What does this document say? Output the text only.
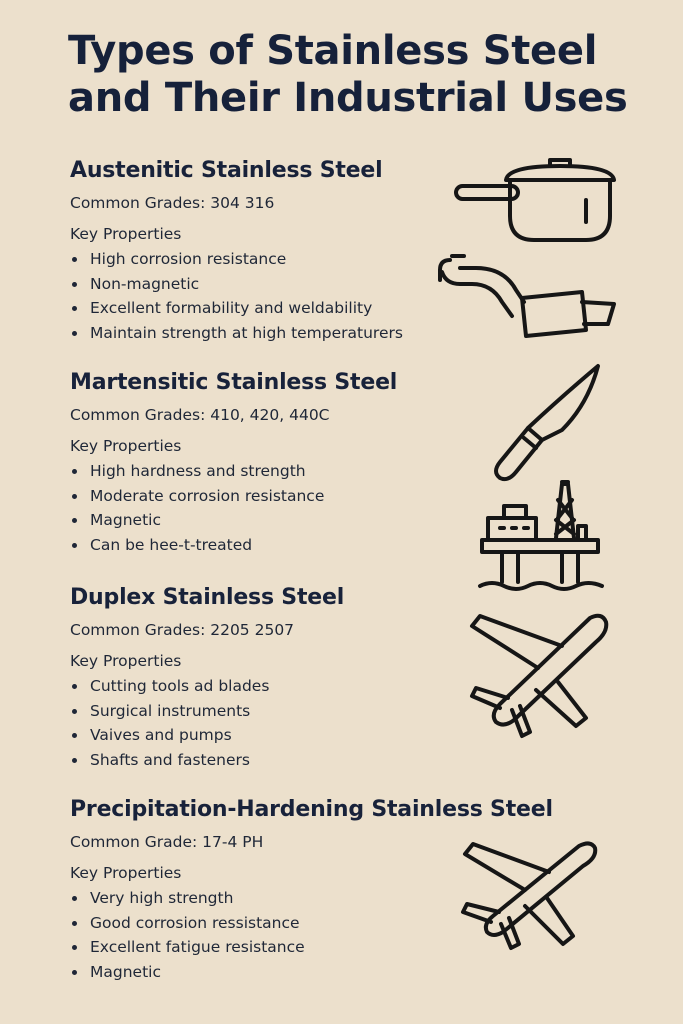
Types of Stainless Steel
and Their Industrial Uses
Austenitic Stainless Steel
Common Grades: 304 316
Key Properties
High corrosion resistance
Non-magnetic
Excellent formability and weldability
Maintain strength at high temperaturers
Martensitic Stainless Steel
Common Grades: 410, 420, 440C
Key Properties
High hardness and strength
Moderate corrosion resistance
Magnetic
Can be hee-t-treated
Duplex Stainless Steel
Common Grades: 2205 2507
Key Properties
Cutting tools ad blades
Surgical instruments
Vaives and pumps
Shafts and fasteners
Precipitation-Hardening Stainless Steel
Common Grade: 17-4 PH
Key Properties
Very high strength
Good corrosion ressistance
Excellent fatigue resistance
Magnetic
